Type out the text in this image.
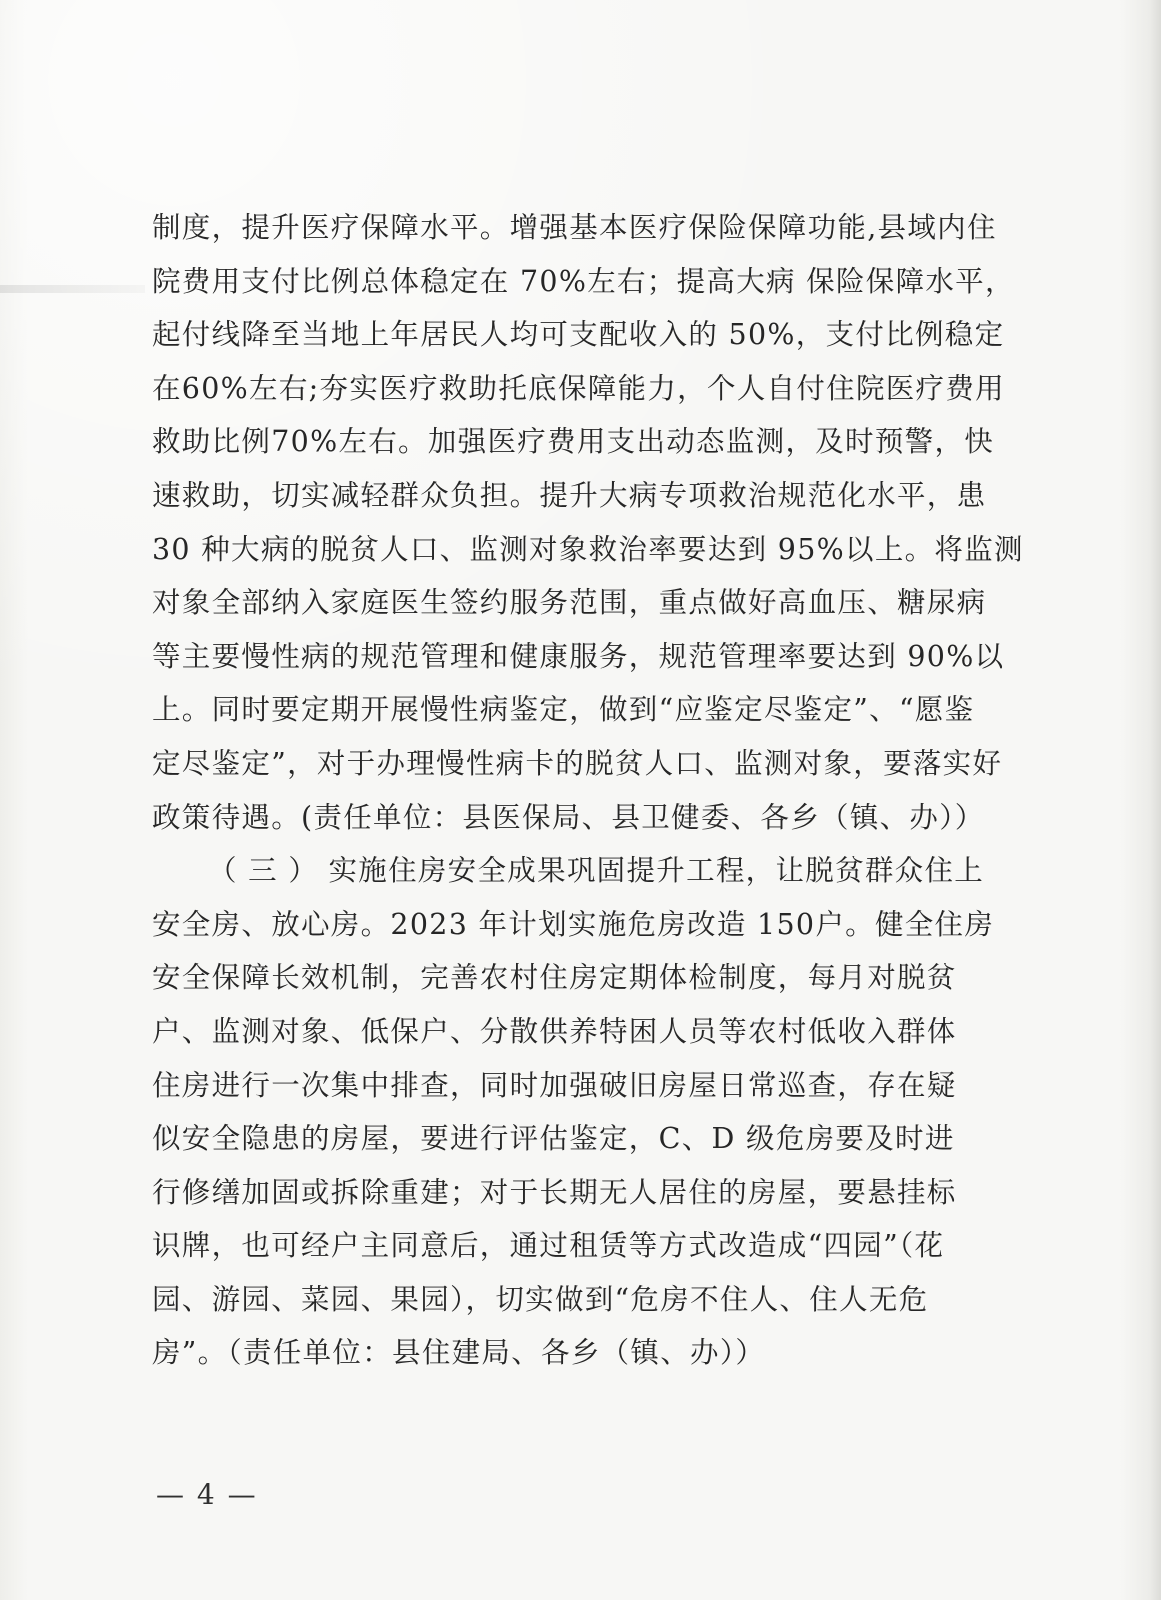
制度，提升医疗保障水平。增强基本医疗保险保障功能,县域内住
院费用支付比例总体稳定在 70%左右；提高大病 保险保障水平，
起付线降至当地上年居民人均可支配收入的 50%，支付比例稳定
在60%左右;夯实医疗救助托底保障能力，个人自付住院医疗费用
救助比例70%左右。加强医疗费用支出动态监测，及时预警，快
速救助，切实减轻群众负担。提升大病专项救治规范化水平，患
30 种大病的脱贫人口、监测对象救治率要达到 95%以上。将监测
对象全部纳入家庭医生签约服务范围，重点做好高血压、糖尿病
等主要慢性病的规范管理和健康服务，规范管理率要达到 90%以
上。同时要定期开展慢性病鉴定，做到“应鉴定尽鉴定”、“愿鉴
定尽鉴定”，对于办理慢性病卡的脱贫人口、监测对象，要落实好
政策待遇。(责任单位：县医保局、县卫健委、各乡（镇、办））
（ 三 ） 实施住房安全成果巩固提升工程，让脱贫群众住上
安全房、放心房。2023 年计划实施危房改造 150户。健全住房
安全保障长效机制，完善农村住房定期体检制度，每月对脱贫
户、监测对象、低保户、分散供养特困人员等农村低收入群体
住房进行一次集中排查，同时加强破旧房屋日常巡查，存在疑
似安全隐患的房屋，要进行评估鉴定，C、D 级危房要及时进
行修缮加固或拆除重建；对于长期无人居住的房屋，要悬挂标
识牌，也可经户主同意后，通过租赁等方式改造成“四园”（花
园、游园、菜园、果园），切实做到“危房不住人、住人无危
房”。（责任单位：县住建局、各乡（镇、办））
— 4 —
